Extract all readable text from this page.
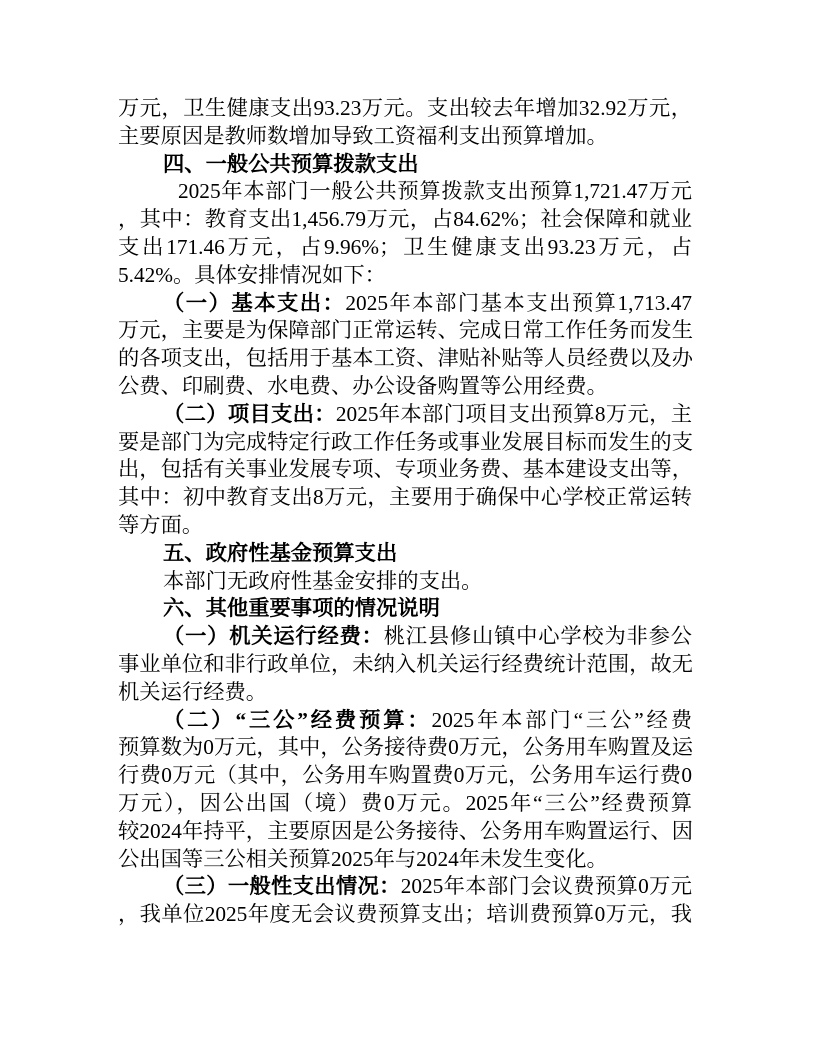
万元，卫生健康支出93.23万元。支出较去年增加32.92万元，
主要原因是教师数增加导致工资福利支出预算增加。
四、一般公共预算拨款支出
2025年本部门一般公共预算拨款支出预算1,721.47万元
，其中：教育支出1,456.79万元，占84.62%；社会保障和就业
支出171.46万元，占9.96%；卫生健康支出93.23万元，占
5.42%。具体安排情况如下：
（一）基本支出：2025年本部门基本支出预算1,713.47
万元，主要是为保障部门正常运转、完成日常工作任务而发生
的各项支出，包括用于基本工资、津贴补贴等人员经费以及办
公费、印刷费、水电费、办公设备购置等公用经费。
（二）项目支出：2025年本部门项目支出预算8万元，主
要是部门为完成特定行政工作任务或事业发展目标而发生的支
出，包括有关事业发展专项、专项业务费、基本建设支出等，
其中：初中教育支出8万元，主要用于确保中心学校正常运转
等方面。
五、政府性基金预算支出
本部门无政府性基金安排的支出。
六、其他重要事项的情况说明
（一）机关运行经费：桃江县修山镇中心学校为非参公
事业单位和非行政单位，未纳入机关运行经费统计范围，故无
机关运行经费。
（二）“三公”经费预算：2025年本部门“三公”经费
预算数为0万元，其中，公务接待费0万元，公务用车购置及运
行费0万元（其中，公务用车购置费0万元，公务用车运行费0
万元），因公出国（境）费0万元。2025年“三公”经费预算
较2024年持平，主要原因是公务接待、公务用车购置运行、因
公出国等三公相关预算2025年与2024年未发生变化。
（三）一般性支出情况：2025年本部门会议费预算0万元
，我单位2025年度无会议费预算支出；培训费预算0万元，我
